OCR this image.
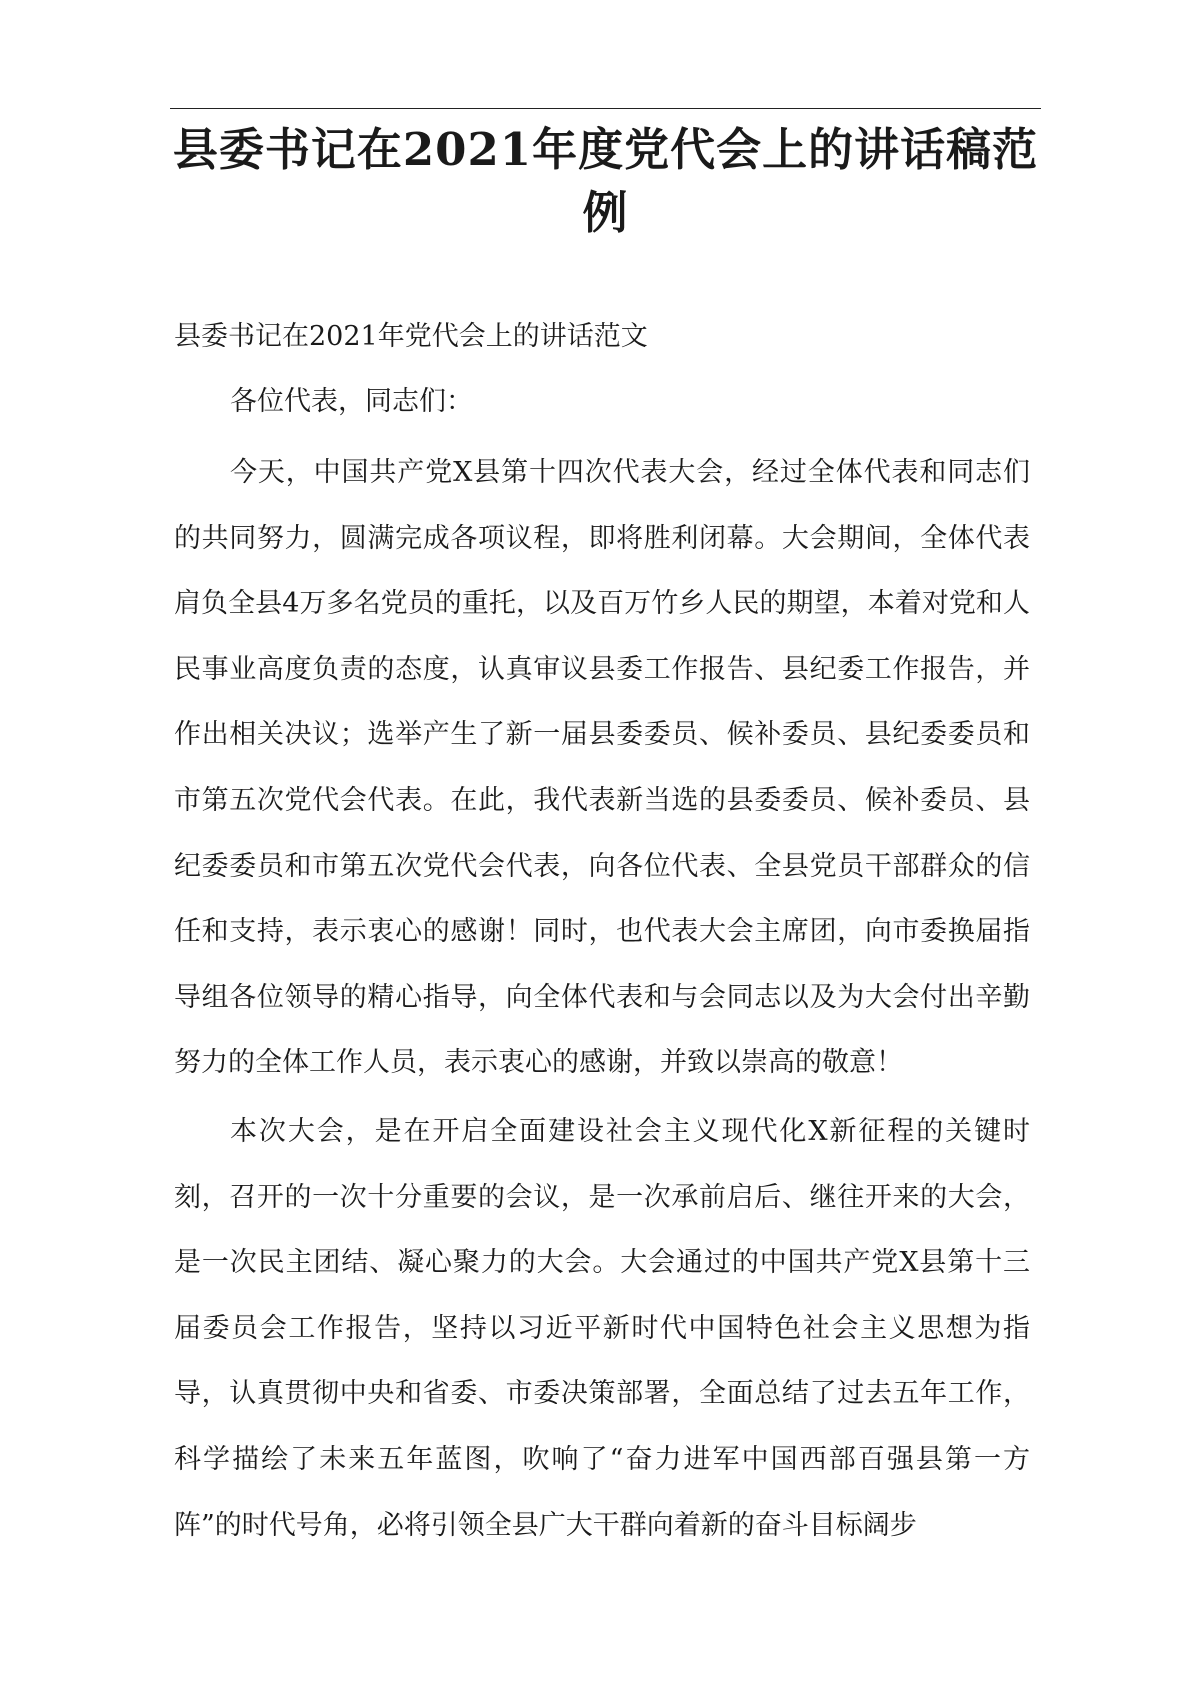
县委书记在2021年度党代会上的讲话稿范例

县委书记在2021年党代会上的讲话范文

各位代表，同志们：

今天，中国共产党X县第十四次代表大会，经过全体代表和同志们的共同努力，圆满完成各项议程，即将胜利闭幕。大会期间，全体代表肩负全县4万多名党员的重托，以及百万竹乡人民的期望，本着对党和人民事业高度负责的态度，认真审议县委工作报告、县纪委工作报告，并作出相关决议；选举产生了新一届县委委员、候补委员、县纪委委员和市第五次党代会代表。在此，我代表新当选的县委委员、候补委员、县纪委委员和市第五次党代会代表，向各位代表、全县党员干部群众的信任和支持，表示衷心的感谢！同时，也代表大会主席团，向市委换届指导组各位领导的精心指导，向全体代表和与会同志以及为大会付出辛勤努力的全体工作人员，表示衷心的感谢，并致以崇高的敬意！

本次大会，是在开启全面建设社会主义现代化X新征程的关键时刻，召开的一次十分重要的会议，是一次承前启后、继往开来的大会，是一次民主团结、凝心聚力的大会。大会通过的中国共产党X县第十三届委员会工作报告，坚持以习近平新时代中国特色社会主义思想为指导，认真贯彻中央和省委、市委决策部署，全面总结了过去五年工作，科学描绘了未来五年蓝图，吹响了“奋力进军中国西部百强县第一方阵”的时代号角，必将引领全县广大干群向着新的奋斗目标阔步
